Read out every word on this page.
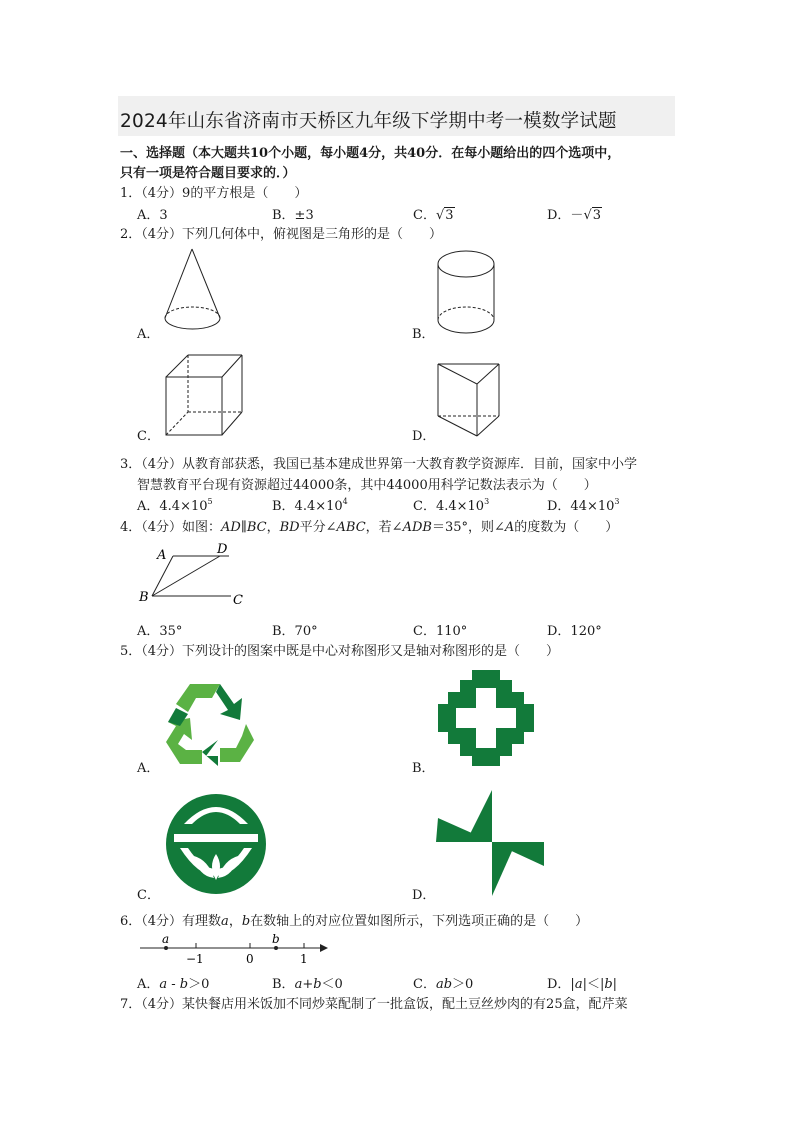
2024年山东省济南市天桥区九年级下学期中考一模数学试题
一、选择题（本大题共10个小题，每小题4分，共40分．在每小题给出的四个选项中，
只有一项是符合题目要求的．）
1．（4分）9的平方根是（　　）
A．3	B．±3	C．√3	D．－√3
2．（4分）下列几何体中，俯视图是三角形的是（　　）
A．	B．
C．	D．
3．（4分）从教育部获悉，我国已基本建成世界第一大教育教学资源库．目前，国家中小学
智慧教育平台现有资源超过44000条，其中44000用科学记数法表示为（　　）
A．$4.4\times 10^5$	B．$4.4\times 10^4$	C．$4.4\times 10^3$	D．$44\times 10^3$
4．（4分）如图：AD∥BC，BD平分∠ABC，若∠ADB＝35°，则∠A的度数为（　　）
A	D
B	C
A．35°	B．70°	C．110°	D．120°
5．（4分）下列设计的图案中既是中心对称图形又是轴对称图形的是（　　）
A．	B．
C．	D．
6．（4分）有理数a，b在数轴上的对应位置如图所示，下列选项正确的是（　　）
a	b
−1	0	1
A．a - b＞0	B．a+b＜0	C．ab＞0	D．|a|＜|b|
7．（4分）某快餐店用米饭加不同炒菜配制了一批盒饭，配土豆丝炒肉的有25盒，配芹菜
